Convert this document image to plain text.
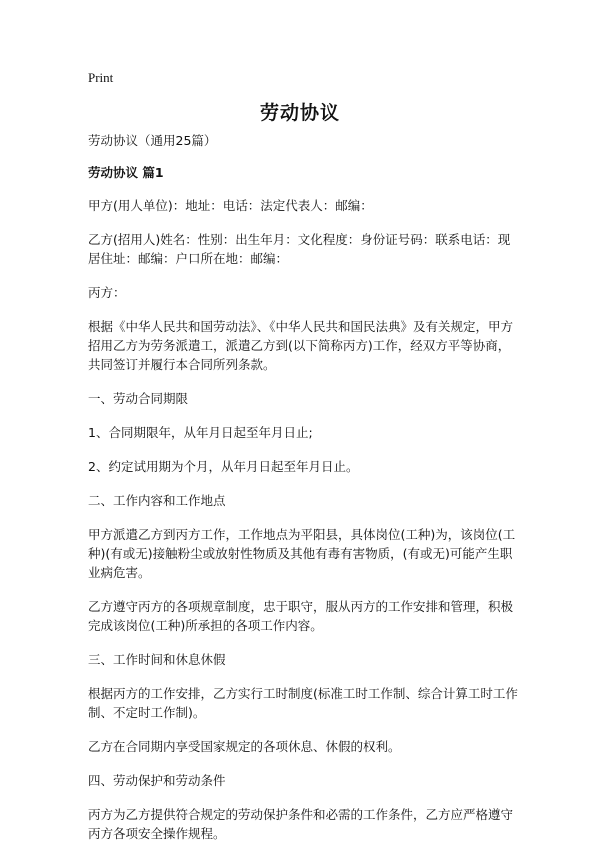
Print
劳动协议

劳动协议（通用25篇）

劳动协议 篇1

甲方(用人单位)：地址：电话：法定代表人：邮编：

乙方(招用人)姓名：性别：出生年月：文化程度：身份证号码：联系电话：现居住址：邮编：户口所在地：邮编：

丙方：

根据《中华人民共和国劳动法》、《中华人民共和国民法典》及有关规定，甲方招用乙方为劳务派遣工，派遣乙方到(以下简称丙方)工作，经双方平等协商，共同签订并履行本合同所列条款。

一、劳动合同期限

1、合同期限年，从年月日起至年月日止;

2、约定试用期为个月，从年月日起至年月日止。

二、工作内容和工作地点

甲方派遣乙方到丙方工作，工作地点为平阳县，具体岗位(工种)为，该岗位(工种)(有或无)接触粉尘或放射性物质及其他有毒有害物质，(有或无)可能产生职业病危害。

乙方遵守丙方的各项规章制度，忠于职守，服从丙方的工作安排和管理，积极完成该岗位(工种)所承担的各项工作内容。

三、工作时间和休息休假

根据丙方的工作安排，乙方实行工时制度(标准工时工作制、综合计算工时工作制、不定时工作制)。

乙方在合同期内享受国家规定的各项休息、休假的权利。

四、劳动保护和劳动条件

丙方为乙方提供符合规定的劳动保护条件和必需的工作条件，乙方应严格遵守丙方各项安全操作规程。
